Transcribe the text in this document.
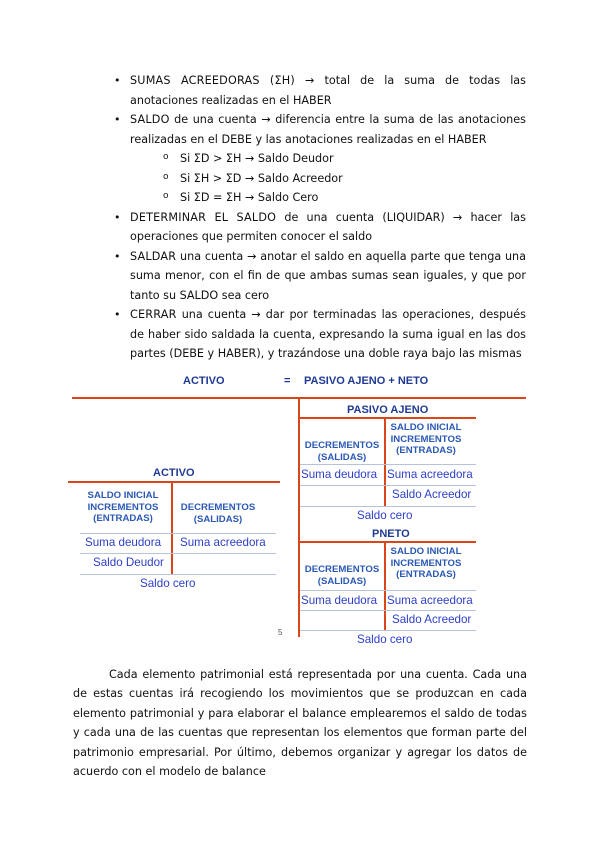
• SUMAS ACREEDORAS (ΣH) → total de la suma de todas las anotaciones realizadas en el HABER
• SALDO de una cuenta → diferencia entre la suma de las anotaciones realizadas en el DEBE y las anotaciones realizadas en el HABER
o Si ΣD > ΣH → Saldo Deudor
o Si ΣH > ΣD → Saldo Acreedor
o Si ΣD = ΣH → Saldo Cero
• DETERMINAR EL SALDO de una cuenta (LIQUIDAR) → hacer las operaciones que permiten conocer el saldo
• SALDAR una cuenta → anotar el saldo en aquella parte que tenga una suma menor, con el fin de que ambas sumas sean iguales, y que por tanto su SALDO sea cero
• CERRAR una cuenta → dar por terminadas las operaciones, después de haber sido saldada la cuenta, expresando la suma igual en las dos partes (DEBE y HABER), y trazándose una doble raya bajo las mismas
ACTIVO	= PASIVO AJENO + NETO
ACTIVO
SALDO INICIAL
INCREMENTOS
(ENTRADAS)
DECREMENTOS
(SALIDAS)
Suma deudora Suma acreedora
Saldo Deudor
Saldo cero
PASIVO AJENO
DECREMENTOS
(SALIDAS)
SALDO INICIAL
INCREMENTOS
(ENTRADAS)
Suma deudora Suma acreedora
Saldo Acreedor
Saldo cero
PNETO
DECREMENTOS
(SALIDAS)
SALDO INICIAL
INCREMENTOS
(ENTRADAS)
Suma deudora Suma acreedora
Saldo Acreedor
Saldo cero
5

Cada elemento patrimonial está representada por una cuenta. Cada una de estas cuentas irá recogiendo los movimientos que se produzcan en cada elemento patrimonial y para elaborar el balance emplearemos el saldo de todas y cada una de las cuentas que representan los elementos que forman parte del patrimonio empresarial. Por último, debemos organizar y agregar los datos de acuerdo con el modelo de balance
